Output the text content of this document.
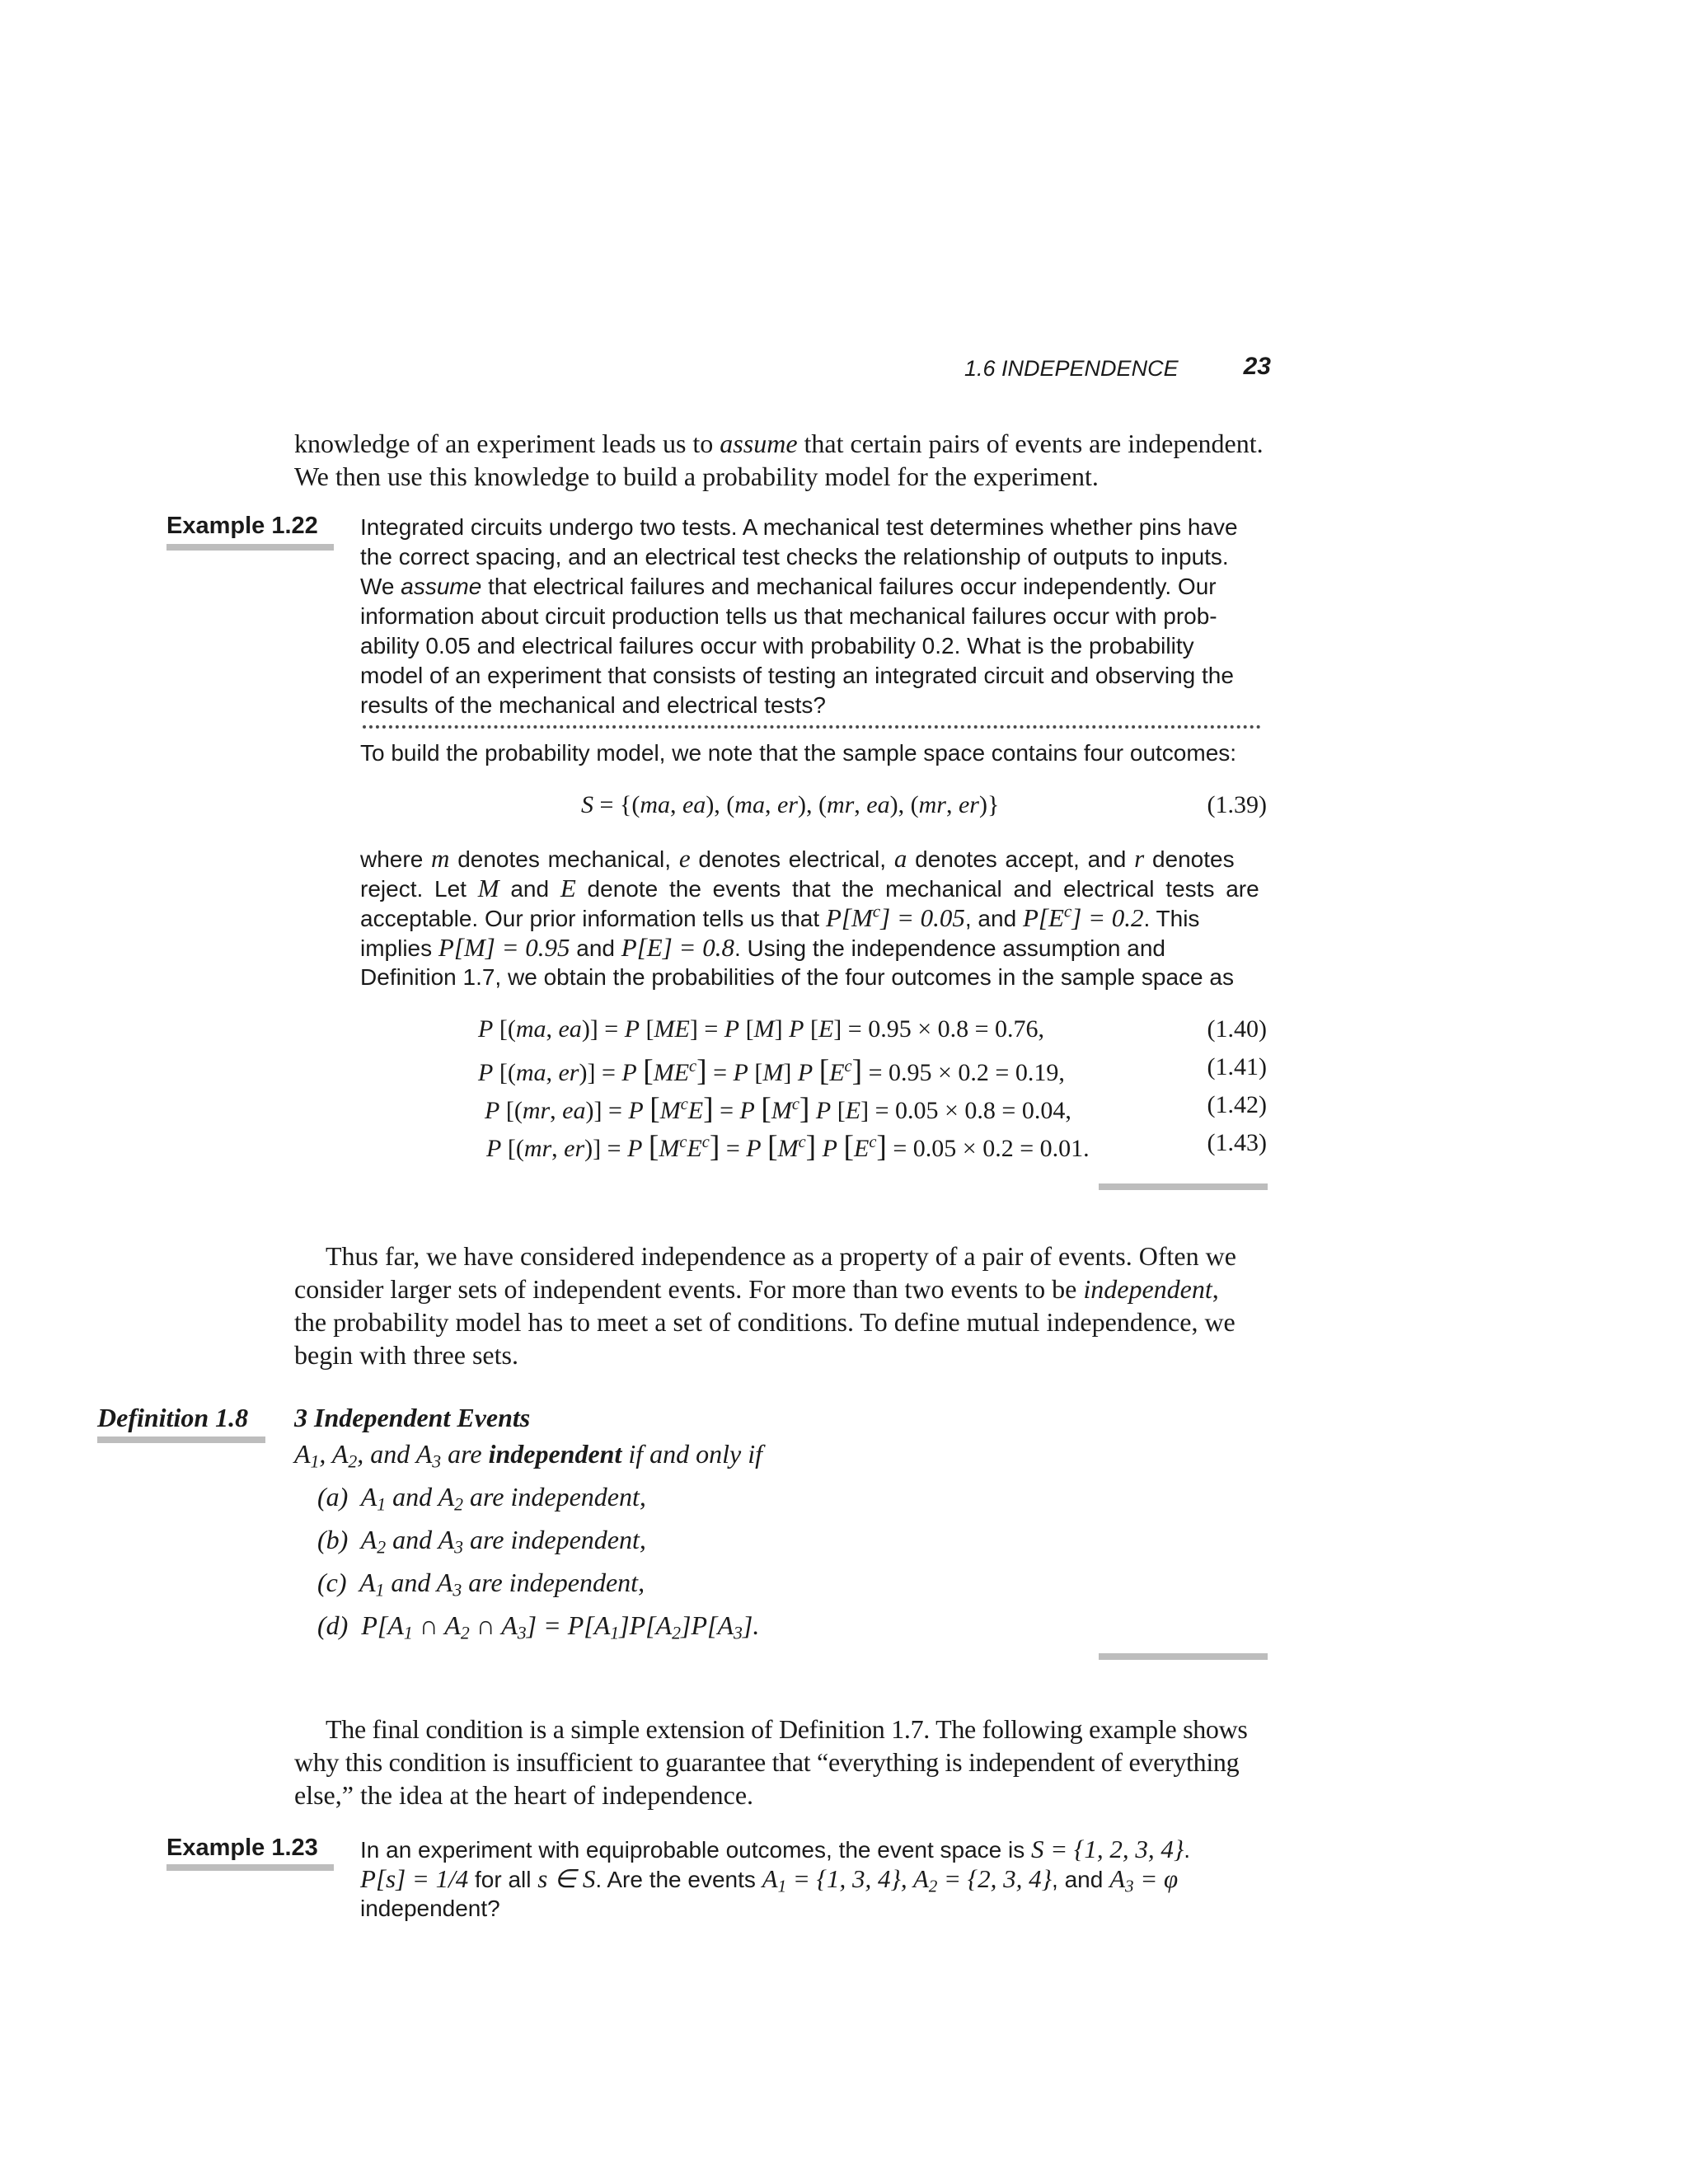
1.6 INDEPENDENCE	23
knowledge of an experiment leads us to assume that certain pairs of events are independent.
We then use this knowledge to build a probability model for the experiment.
Example 1.22 Integrated circuits undergo two tests. A mechanical test determines whether pins have
the correct spacing, and an electrical test checks the relationship of outputs to inputs.
We assume that electrical failures and mechanical failures occur independently. Our
information about circuit production tells us that mechanical failures occur with prob-
ability 0.05 and electrical failures occur with probability 0.2. What is the probability
model of an experiment that consists of testing an integrated circuit and observing the
results of the mechanical and electrical tests?
To build the probability model, we note that the sample space contains four outcomes:
S = {(ma, ea), (ma, er), (mr, ea), (mr, er)}	(1.39)
where m denotes mechanical, e denotes electrical, a denotes accept, and r denotes
reject. Let M and E denote the events that the mechanical and electrical tests are
acceptable. Our prior information tells us that $P[M^c] = 0.05$, and $P[E^c] = 0.2$. This
implies P[M] = 0.95 and P[E] = 0.8. Using the independence assumption and
Definition 1.7, we obtain the probabilities of the four outcomes in the sample space as
P [(ma, ea)] = P [ME] = P [M] P [E] = 0.95 × 0.8 = 0.76,
P [(ma, er)] = P $[ME^c] = P$ [M] P $[E^c] = 0.95 \times 0.2 = 0.19$,
P [(mr, ea)] = P $[M^cE] = P$ $[M^c]$ P [E] = 0.05 × 0.8 = 0.04,
P [(mr, er)] = P $[M^cE^c] = P$ $[M^c]$ P $[E^c] = 0.05 \times 0.2 = 0.01$.
(1.40)
(1.41)
(1.42)
(1.43)
Thus far, we have considered independence as a property of a pair of events. Often we
consider larger sets of independent events. For more than two events to be independent,
the probability model has to meet a set of conditions. To define mutual independence, we
begin with three sets.
Definition 1.8 3 Independent Events
$A_1$, $A_2$, and $A_3$ are independent if and only if
(a)  $A_1$ and $A_2$ are independent,
(b)  $A_2$ and $A_3$ are independent,
(c)  $A_1$ and $A_3$ are independent,
(d)  $P[A_1$ ∩ $A_2$ ∩ $A_3] = P[A_1]P[A_2]P[A_3]$.
The final condition is a simple extension of Definition 1.7. The following example shows
why this condition is insufficient to guarantee that “everything is independent of everything
else,” the idea at the heart of independence.
Example 1.23 In an experiment with equiprobable outcomes, the event space is S = {1, 2, 3, 4}.
P[s] = 1/4 for all s ∈ S. Are the events $A_1 = \{1$, 3, 4}, $A_2 = \{2$, 3, 4}, and $A_3 = \varphi$
independent?
